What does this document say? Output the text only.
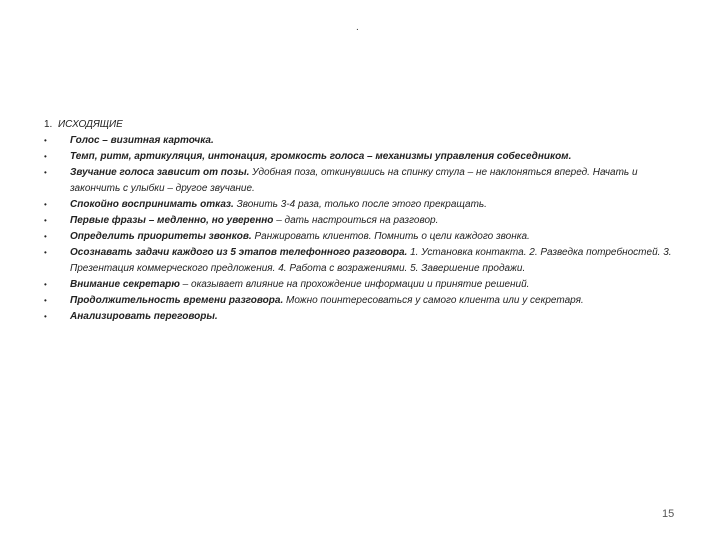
.
1. ИСХОДЯЩИЕ
•	Голос – визитная карточка.
•	Темп, ритм, артикуляция, интонация, громкость голоса – механизмы управления собеседником.
•	Звучание голоса зависит от позы. Удобная поза, откинувшись на спинку стула – не наклоняться вперед. Начать и закончить с улыбки – другое звучание.
•	Спокойно воспринимать отказ. Звонить 3-4 раза, только после этого прекращать.
•	Первые фразы – медленно, но уверенно – дать настроиться на разговор.
•	Определить приоритеты звонков. Ранжировать клиентов. Помнить о цели каждого звонка.
•	Осознавать задачи каждого из 5 этапов телефонного разговора. 1. Установка контакта. 2. Разведка потребностей. 3. Презентация коммерческого предложения. 4. Работа с возражениями. 5. Завершение продажи.
•	Внимание секретарю – оказывает влияние на прохождение информации и принятие решений.
•	Продолжительность времени разговора. Можно поинтересоваться у самого клиента или у секретаря.
•	Анализировать переговоры.
15
